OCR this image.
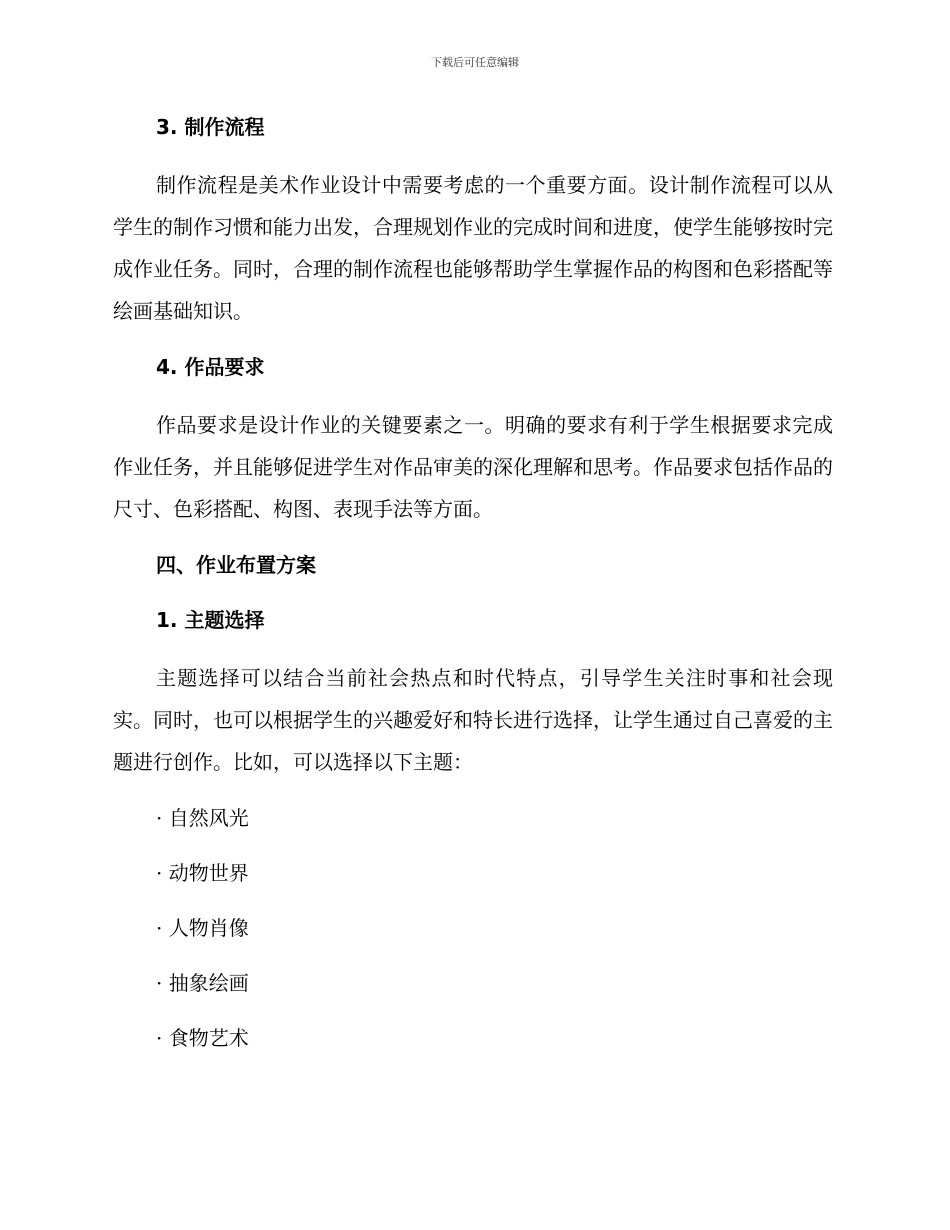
下载后可任意编辑
3. 制作流程

制作流程是美术作业设计中需要考虑的一个重要方面。设计制作流程可以从学生的制作习惯和能力出发，合理规划作业的完成时间和进度，使学生能够按时完成作业任务。同时，合理的制作流程也能够帮助学生掌握作品的构图和色彩搭配等绘画基础知识。

4. 作品要求

作品要求是设计作业的关键要素之一。明确的要求有利于学生根据要求完成作业任务，并且能够促进学生对作品审美的深化理解和思考。作品要求包括作品的尺寸、色彩搭配、构图、表现手法等方面。

四、作业布置方案
1. 主题选择

主题选择可以结合当前社会热点和时代特点，引导学生关注时事和社会现实。同时，也可以根据学生的兴趣爱好和特长进行选择，让学生通过自己喜爱的主题进行创作。比如，可以选择以下主题：

· 自然风光
· 动物世界
· 人物肖像
· 抽象绘画
· 食物艺术
